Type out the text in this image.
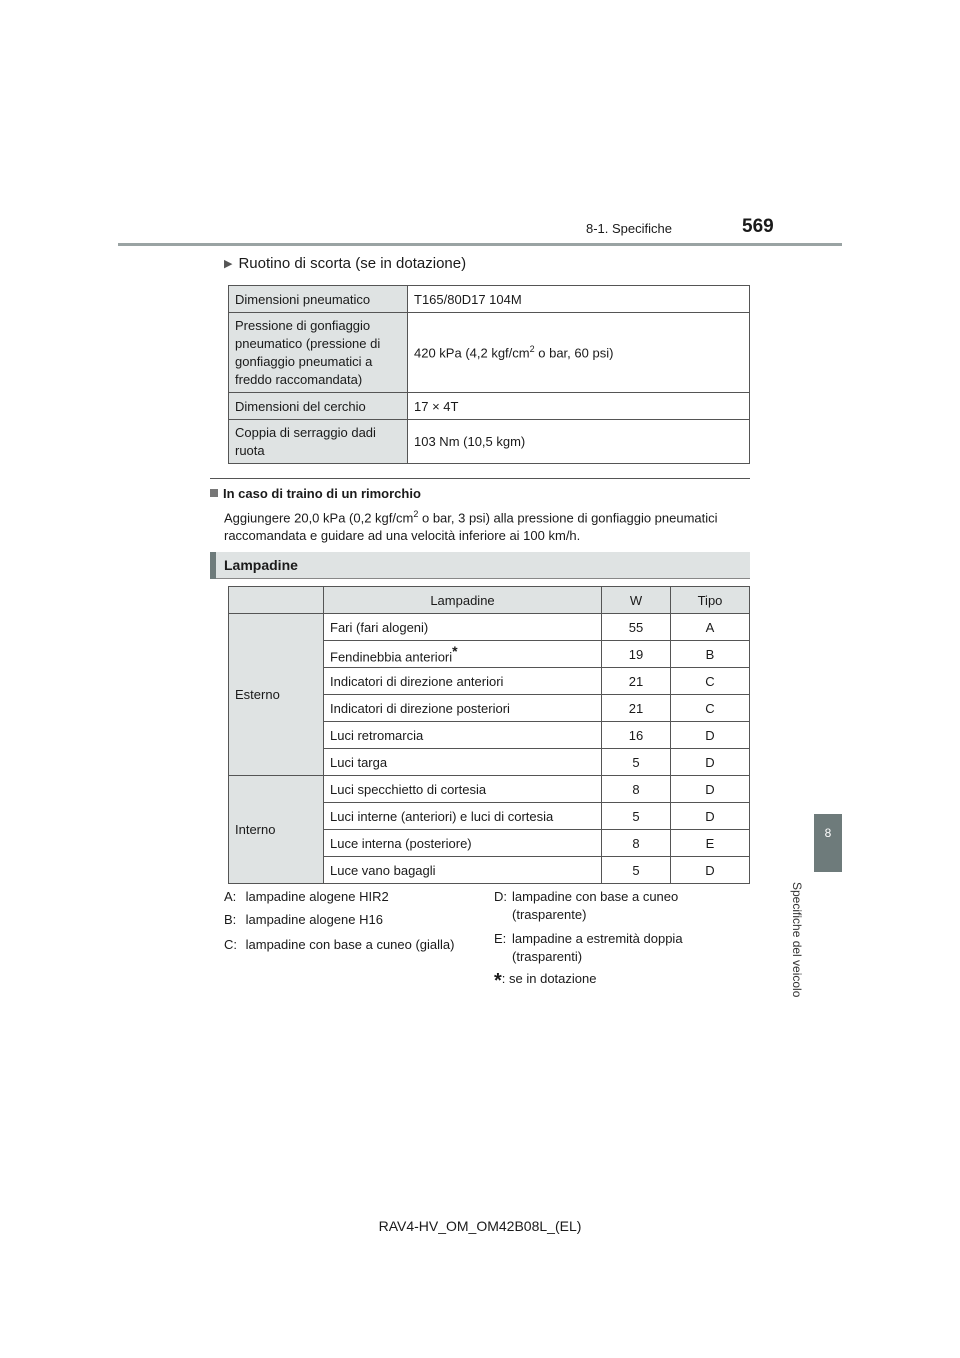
8-1. Specifiche	569
8
Specifiche del veicolo
▶ Ruotino di scorta (se in dotazione)
Dimensioni pneumatico	T165/80D17 104M
Pressione di gonfiaggio pneumatico (pressione di gonfiaggio pneumatici a freddo raccomandata)	420 kPa (4,2 kgf/$cm^2$ o bar, 60 psi)
Dimensioni del cerchio	17 × 4T
Coppia di serraggio dadi ruota	103 Nm (10,5 kgm)
In caso di traino di un rimorchio
Aggiungere 20,0 kPa (0,2 kgf/$cm^2$ o bar, 3 psi) alla pressione di gonfiaggio pneumatici raccomandata e guidare ad una velocità inferiore ai 100 km/h.
Lampadine
	Lampadine	W	Tipo
Esterno	Fari (fari alogeni)	55	A
	Fendinebbia anteriori*	19	B
	Indicatori di direzione anteriori	21	C
	Indicatori di direzione posteriori	21	C
	Luci retromarcia	16	D
	Luci targa	5	D
Interno	Luci specchietto di cortesia	8	D
	Luci interne (anteriori) e luci di cortesia	5	D
	Luce interna (posteriore)	8	E
	Luce vano bagagli	5	D
A: lampadine alogene HIR2
B: lampadine alogene H16
C: lampadine con base a cuneo (gialla)
D: lampadine con base a cuneo
(trasparente)
E: lampadine a estremità doppia
(trasparenti)
*: se in dotazione
RAV4-HV_OM_OM42B08L_(EL)
